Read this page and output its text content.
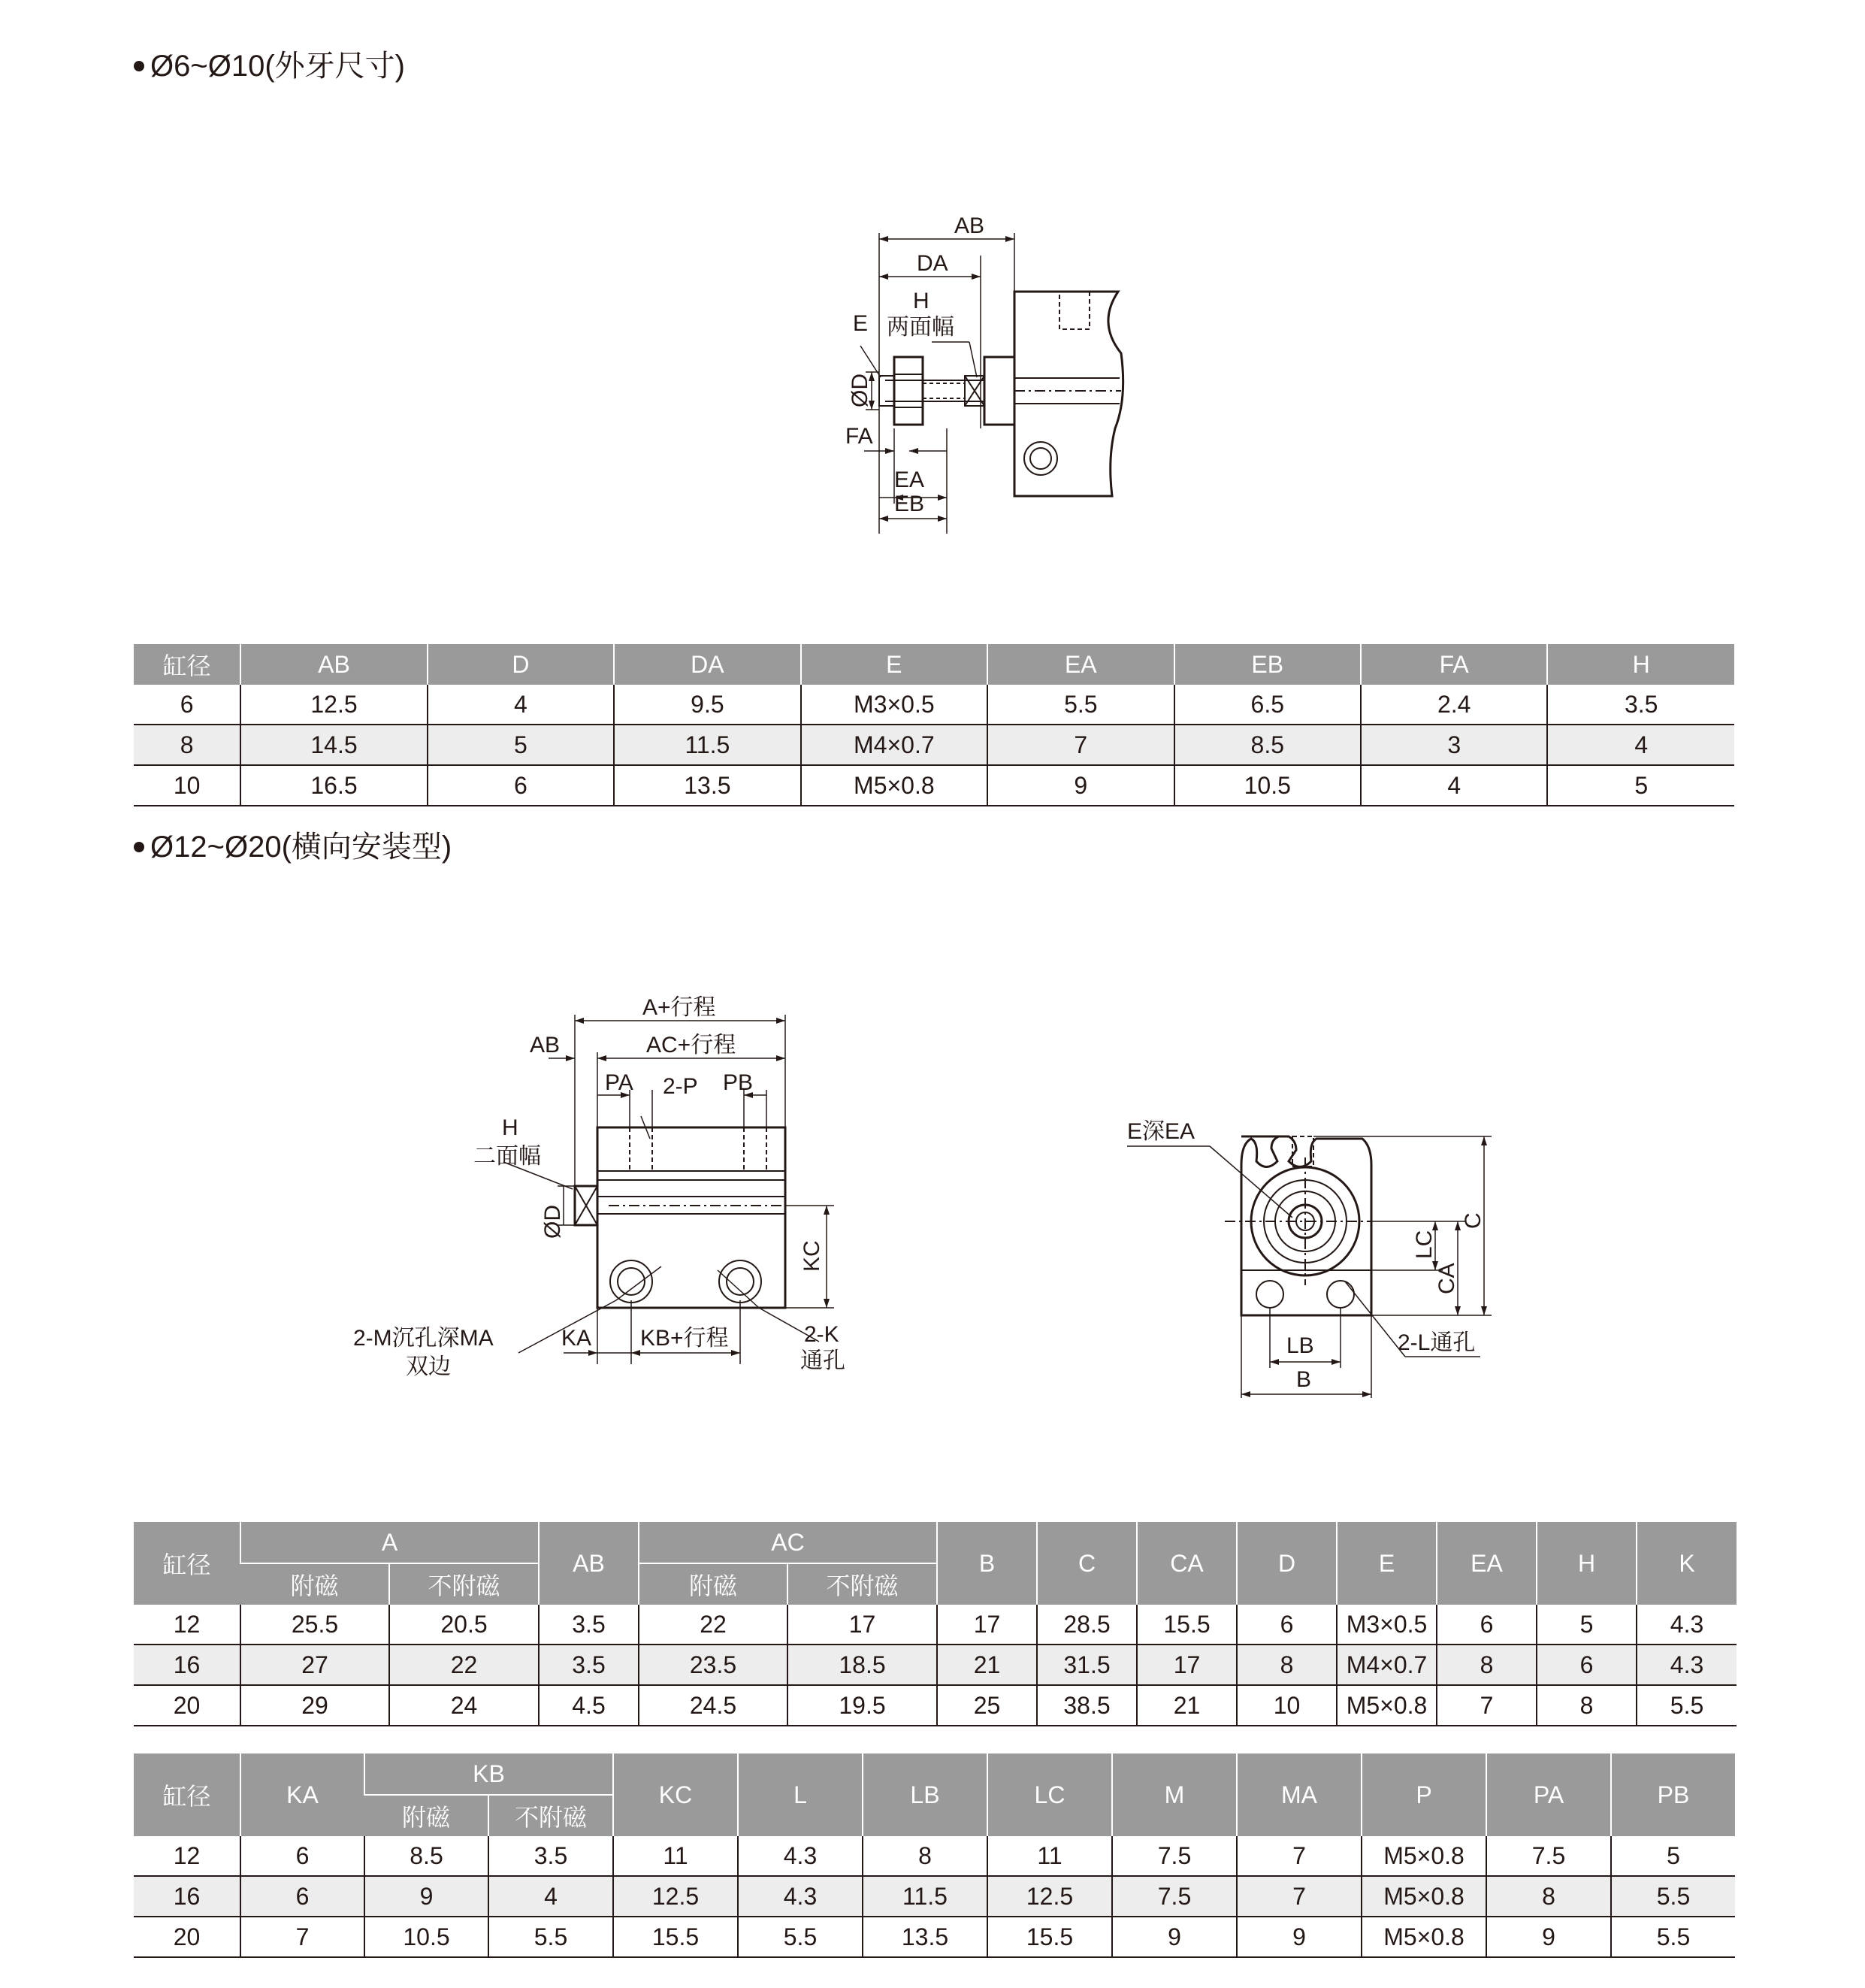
Ø6~Ø10(外牙尺寸)
AB
DA
H
两面幅
E
ØD
FA
EA
EB
缸径	AB	D	DA	E	EA	EB	FA	H
6	12.5	4	9.5	M3×0.5	5.5	6.5	2.4	3.5
8	14.5	5	11.5	M4×0.7	7	8.5	3	4
10	16.5	6	13.5	M5×0.8	9	10.5	4	5
Ø12~Ø20(横向安装型)
A+行程
AB	AC+行程
PA 2-P PB
H
二面幅
ØD
KC
2-M沉孔深MA
双边
KA KB+行程	2-K
通孔
E深EA
C
CA
LC
LB
B
2-L通孔
缸径	A		AB	AC		B	C	CA	D	E	EA	H	K
	附磁	不附磁		附磁	不附磁								
12	25.5	20.5	3.5	22	17	17	28.5	15.5	6	M3×0.5	6	5	4.3
16	27	22	3.5	23.5	18.5	21	31.5	17	8	M4×0.7	8	6	4.3
20	29	24	4.5	24.5	19.5	25	38.5	21	10	M5×0.8	7	8	5.5
缸径	KA	KB		KC	L	LB	LC	M	MA	P	PA	PB
		附磁	不附磁									
12	6	8.5	3.5	11	4.3	8	11	7.5	7	M5×0.8	7.5	5
16	6	9	4	12.5	4.3	11.5	12.5	7.5	7	M5×0.8	8	5.5
20	7	10.5	5.5	15.5	5.5	13.5	15.5	9	9	M5×0.8	9	5.5
